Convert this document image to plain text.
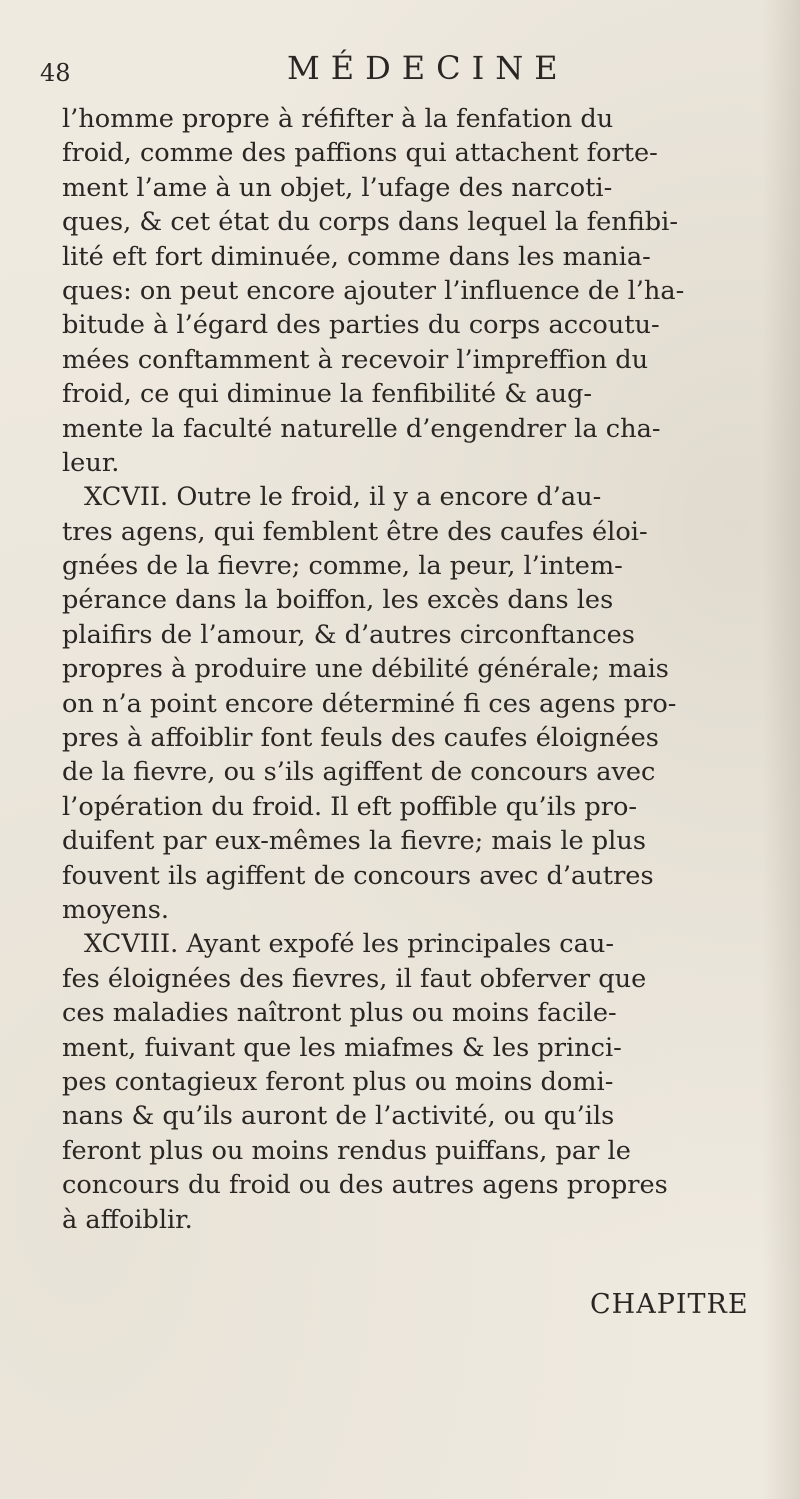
48	MÉDECINE
l’homme propre à réfifter à la fenfation du
froid, comme des paffions qui attachent forte-
ment l’ame à un objet, l’ufage des narcoti-
ques, & cet état du corps dans lequel la fenfibi-
lité eft fort diminuée, comme dans les mania-
ques: on peut encore ajouter l’influence de l’ha-
bitude à l’égard des parties du corps accoutu-
mées conftamment à recevoir l’impreffion du
froid, ce qui diminue la fenfibilité & aug-
mente la faculté naturelle d’engendrer la cha-
leur.
XCVII. Outre le froid, il y a encore d’au-
tres agens, qui femblent être des caufes éloi-
gnées de la fievre; comme, la peur, l’intem-
pérance dans la boiffon, les excès dans les
plaifirs de l’amour, & d’autres circonftances
propres à produire une débilité générale; mais
on n’a point encore déterminé fi ces agens pro-
pres à affoiblir font feuls des caufes éloignées
de la fievre, ou s’ils agiffent de concours avec
l’opération du froid. Il eft poffible qu’ils pro-
duifent par eux-mêmes la fievre; mais le plus
fouvent ils agiffent de concours avec d’autres
moyens.
XCVIII. Ayant expofé les principales cau-
fes éloignées des fievres, il faut obferver que
ces maladies naîtront plus ou moins facile-
ment, fuivant que les miafmes & les princi-
pes contagieux feront plus ou moins domi-
nans & qu’ils auront de l’activité, ou qu’ils
feront plus ou moins rendus puiffans, par le
concours du froid ou des autres agens propres
à affoiblir.
CHAPITRE
